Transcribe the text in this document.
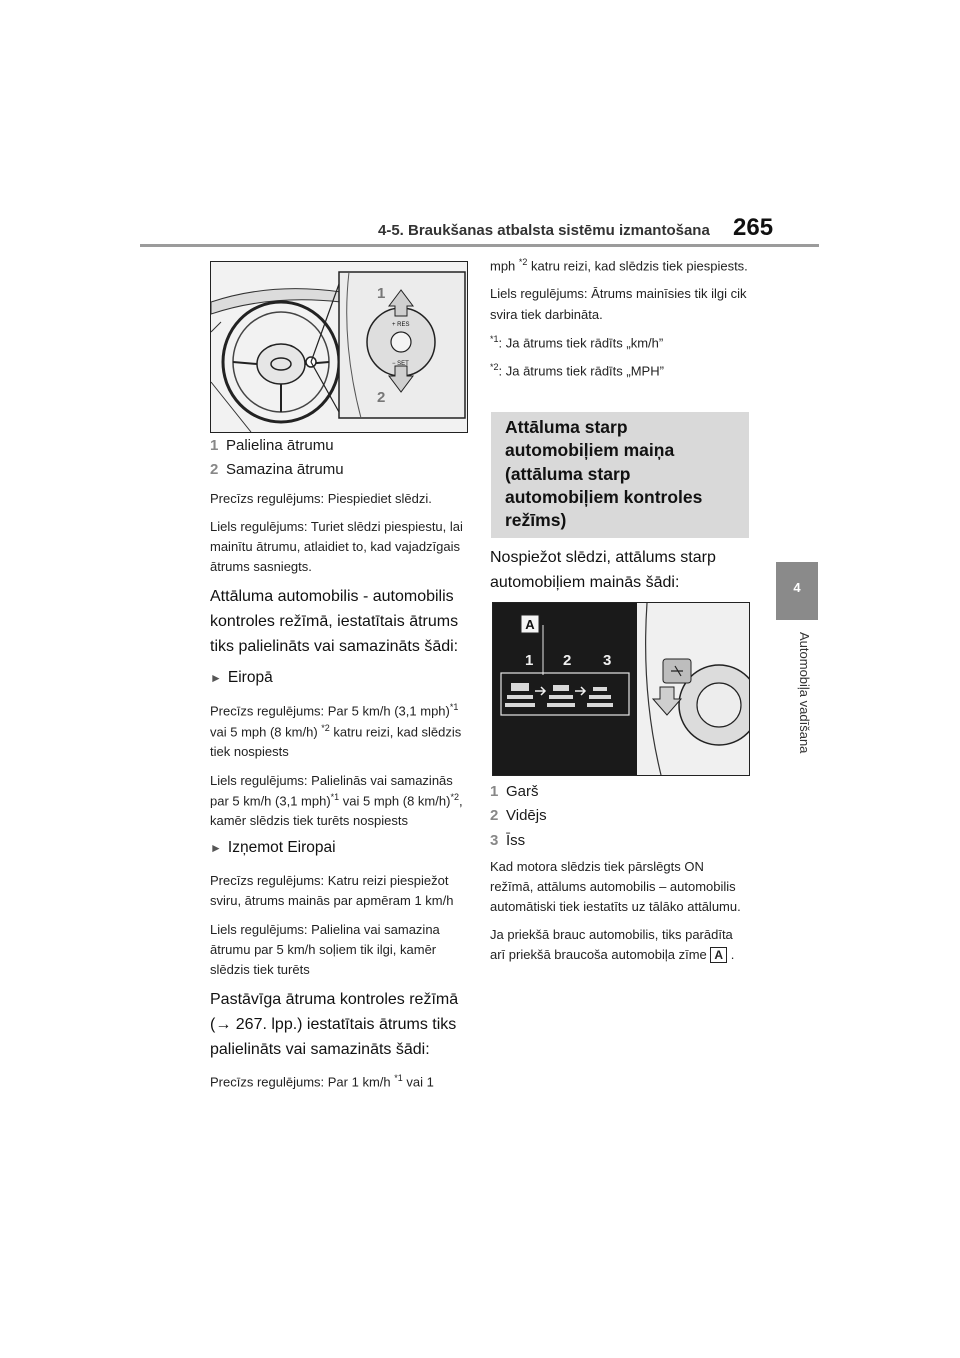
4-5. Braukšanas atbalsta sistēmu izmantošana 265
4
Automobiļa vadīšana
1
2
+ RES
− SET
1 Palielina ātrumu
2 Samazina ātrumu

Precīzs regulējums: Piespiediet slēdzi.

Liels regulējums: Turiet slēdzi piespiestu, lai mainītu ātrumu, atlaidiet to, kad vajadzīgais ātrums sasniegts.

Attāluma automobilis - automobilis kontroles režīmā, iestatītais ātrums tiks palielināts vai samazināts šādi:

► Eiropā

Precīzs regulējums: Par 5 km/h (3,1 mph)$^{*1}$ vai 5 mph (8 km/h) $^{*2}$ katru reizi, kad slēdzis tiek nospiests

Liels regulējums: Palielinās vai samazinās par 5 km/h (3,1 mph)$^{*1}$ vai 5 mph (8 km/h)$^{*2}$, kamēr slēdzis tiek turēts nospiests

► Izņemot Eiropai

Precīzs regulējums: Katru reizi piespiežot sviru, ātrums mainās par apmēram 1 km/h

Liels regulējums: Palielina vai samazina ātrumu par 5 km/h soļiem tik ilgi, kamēr slēdzis tiek turēts

Pastāvīga ātruma kontroles režīmā (→ 267. lpp.) iestatītais ātrums tiks palielināts vai samazināts šādi:

Precīzs regulējums: Par 1 km/h $^{*1}$ vai 1

mph $^{*2}$ katru reizi, kad slēdzis tiek piespiests.

Liels regulējums: Ātrums mainīsies tik ilgi cik svira tiek darbināta.

$^{*1}$: Ja ātrums tiek rādīts „km/h”

$^{*2}$: Ja ātrums tiek rādīts „MPH”

Attāluma starp automobiļiem maiņa (attāluma starp automobiļiem kontroles režīms)

Nospiežot slēdzi, attālums starp automobiļiem mainās šādi:

A
1 2 3
1 Garš
2 Vidējs
3 Īss

Kad motora slēdzis tiek pārslēgts ON režīmā, attālums automobilis – automobilis automātiski tiek iestatīts uz tālāko attālumu.

Ja priekšā brauc automobilis, tiks parādīta arī priekšā braucoša automobiļa zīme A .
